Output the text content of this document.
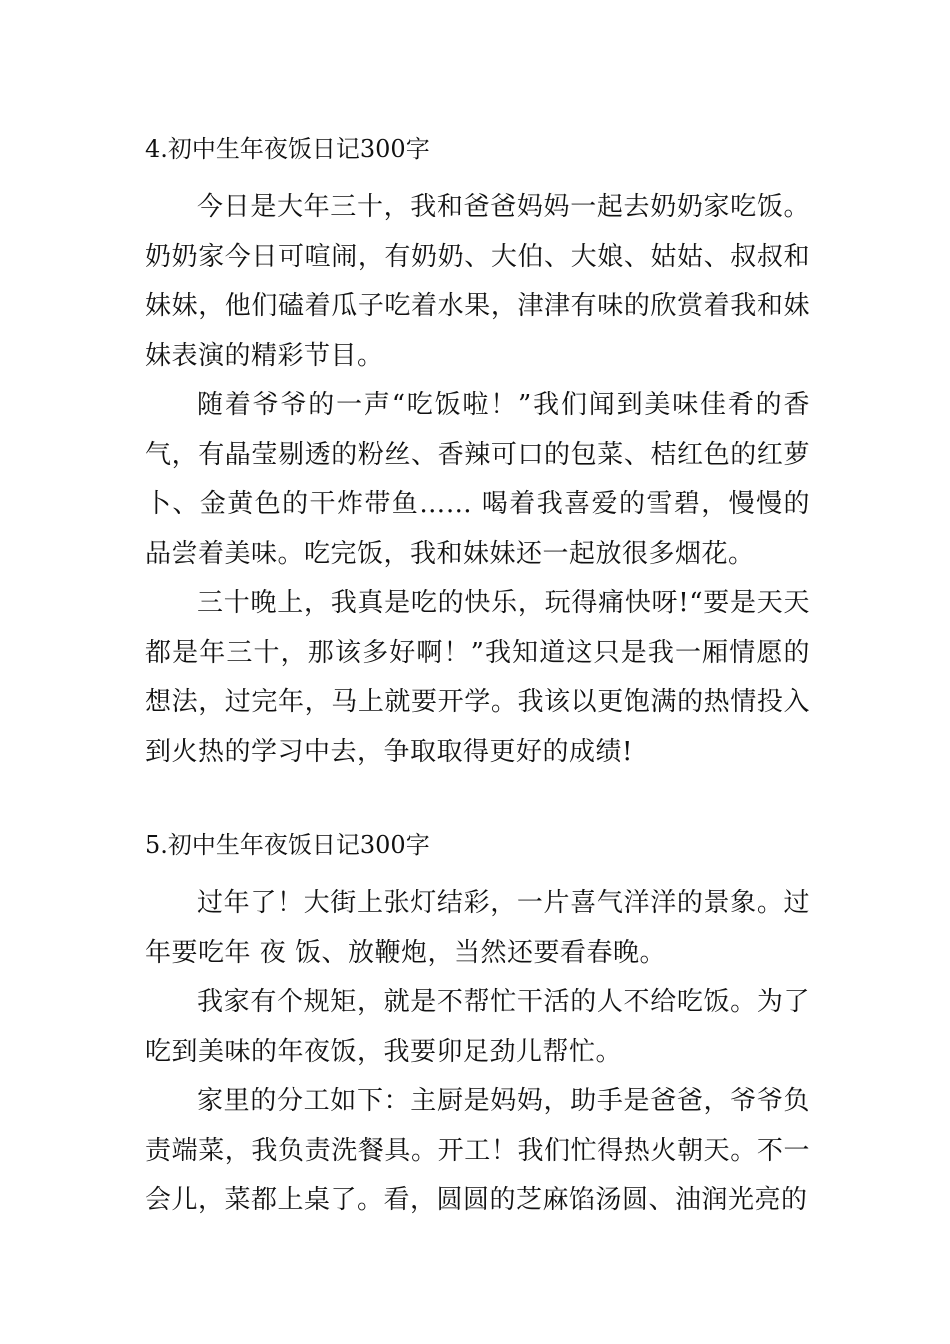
4.初中生年夜饭日记300字

今日是大年三十，我和爸爸妈妈一起去奶奶家吃饭。奶奶家今日可喧闹，有奶奶、大伯、大娘、姑姑、叔叔和妹妹，他们磕着瓜子吃着水果，津津有味的欣赏着我和妹妹表演的精彩节目。

随着爷爷的一声“吃饭啦！”我们闻到美味佳肴的香气，有晶莹剔透的粉丝、香辣可口的包菜、桔红色的红萝卜、金黄色的干炸带鱼…… 喝着我喜爱的雪碧，慢慢的品尝着美味。吃完饭，我和妹妹还一起放很多烟花。

三十晚上，我真是吃的快乐，玩得痛快呀!“要是天天都是年三十，那该多好啊！”我知道这只是我一厢情愿的想法，过完年，马上就要开学。我该以更饱满的热情投入到火热的学习中去，争取取得更好的成绩!

5.初中生年夜饭日记300字

过年了！大街上张灯结彩，一片喜气洋洋的景象。过年要吃年 夜 饭、放鞭炮，当然还要看春晚。

我家有个规矩，就是不帮忙干活的人不给吃饭。为了吃到美味的年夜饭，我要卯足劲儿帮忙。

家里的分工如下：主厨是妈妈，助手是爸爸，爷爷负责端菜，我负责洗餐具。开工！我们忙得热火朝天。不一会儿，菜都上桌了。看，圆圆的芝麻馅汤圆、油润光亮的
